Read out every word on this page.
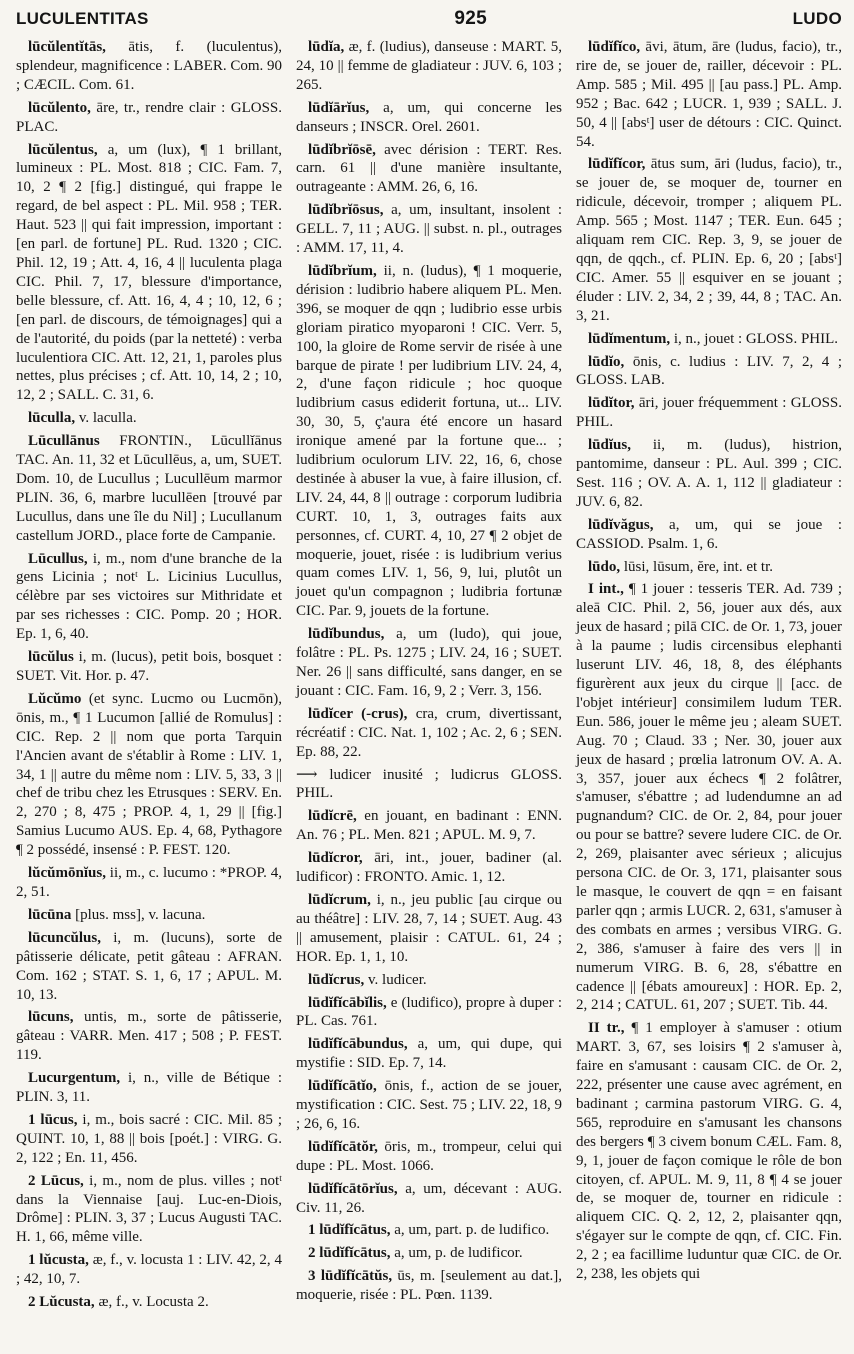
LUCULENTITAS	925	LUDO

lūcŭlentĭtās, ātis, f. (luculentus), splendeur, magnificence : LABER. Com. 90 ; CÆCIL. Com. 61.

lūcŭlento, āre, tr., rendre clair : GLOSS. PLAC.

lūcŭlentus, a, um (lux), ¶ 1 brillant, lumineux : PL. Most. 818 ; CIC. Fam. 7, 10, 2 ¶ 2 [fig.] distingué, qui frappe le regard, de bel aspect : PL. Mil. 958 ; TER. Haut. 523 || qui fait impression, important : [en parl. de fortune] PL. Rud. 1320 ; CIC. Phil. 12, 19 ; Att. 4, 16, 4 || luculenta plaga CIC. Phil. 7, 17, blessure d'importance, belle blessure, cf. Att. 16, 4, 4 ; 10, 12, 6 ; [en parl. de discours, de témoignages] qui a de l'autorité, du poids (par la netteté) : verba luculentiora CIC. Att. 12, 21, 1, paroles plus nettes, plus précises ; cf. Att. 10, 14, 2 ; 10, 12, 2 ; SALL. C. 31, 6.

lūculla, v. laculla.

Lūcullānus FRONTIN., Lūcullĭānus TAC. An. 11, 32 et Lūcullēus, a, um, SUET. Dom. 10, de Lucullus ; Lucullēum marmor PLIN. 36, 6, marbre lucullēen [trouvé par Lucullus, dans une île du Nil] ; Lucullanum castellum JORD., place forte de Campanie.

Lūcullus, i, m., nom d'une branche de la gens Licinia ; notᵗ L. Licinius Lucullus, célèbre par ses victoires sur Mithridate et par ses richesses : CIC. Pomp. 20 ; HOR. Ep. 1, 6, 40.

lūcŭlus i, m. (lucus), petit bois, bosquet : SUET. Vit. Hor. p. 47.

Lŭcŭmo (et sync. Lucmo ou Lucmōn), ōnis, m., ¶ 1 Lucumon [allié de Romulus] : CIC. Rep. 2 || nom que porta Tarquin l'Ancien avant de s'établir à Rome : LIV. 1, 34, 1 || autre du même nom : LIV. 5, 33, 3 || chef de tribu chez les Etrusques : SERV. En. 2, 270 ; 8, 475 ; PROP. 4, 1, 29 || [fig.] Samius Lucumo AUS. Ep. 4, 68, Pythagore ¶ 2 possédé, insensé : P. FEST. 120.

lŭcŭmōnĭus, ii, m., c. lucumo : *PROP. 4, 2, 51.

lūcūna [plus. mss], v. lacuna.

lūcuncŭlus, i, m. (lucuns), sorte de pâtisserie délicate, petit gâteau : AFRAN. Com. 162 ; STAT. S. 1, 6, 17 ; APUL. M. 10, 13.

lūcuns, untis, m., sorte de pâtisserie, gâteau : VARR. Men. 417 ; 508 ; P. FEST. 119.

Lucurgentum, i, n., ville de Bétique : PLIN. 3, 11.

1 lūcus, i, m., bois sacré : CIC. Mil. 85 ; QUINT. 10, 1, 88 || bois [poét.] : VIRG. G. 2, 122 ; En. 11, 456.

2 Lūcus, i, m., nom de plus. villes ; notᵗ dans la Viennaise [auj. Luc-en-Diois, Drôme] : PLIN. 3, 37 ; Lucus Augusti TAC. H. 1, 66, même ville.

1 lŭcusta, æ, f., v. locusta 1 : LIV. 42, 2, 4 ; 42, 10, 7.

2 Lŭcusta, æ, f., v. Locusta 2.

lūdĭa, æ, f. (ludius), danseuse : MART. 5, 24, 10 || femme de gladiateur : JUV. 6, 103 ; 265.

lūdĭārĭus, a, um, qui concerne les danseurs ; INSCR. Orel. 2601.

lūdĭbrĭōsē, avec dérision : TERT. Res. carn. 61 || d'une manière insultante, outrageante : AMM. 26, 6, 16.

lūdĭbrĭōsus, a, um, insultant, insolent : GELL. 7, 11 ; AUG. || subst. n. pl., outrages : AMM. 17, 11, 4.

lūdĭbrĭum, ii, n. (ludus), ¶ 1 moquerie, dérision : ludibrio habere aliquem PL. Men. 396, se moquer de qqn ; ludibrio esse urbis gloriam piratico myoparoni ! CIC. Verr. 5, 100, la gloire de Rome servir de risée à une barque de pirate ! per ludibrium LIV. 24, 4, 2, d'une façon ridicule ; hoc quoque ludibrium casus ediderit fortuna, ut... LIV. 30, 30, 5, ç'aura été encore un hasard ironique amené par la fortune que... ; ludibrium oculorum LIV. 22, 16, 6, chose destinée à abuser la vue, à faire illusion, cf. LIV. 24, 44, 8 || outrage : corporum ludibria CURT. 10, 1, 3, outrages faits aux personnes, cf. CURT. 4, 10, 27 ¶ 2 objet de moquerie, jouet, risée : is ludibrium verius quam comes LIV. 1, 56, 9, lui, plutôt un jouet qu'un compagnon ; ludibria fortunæ CIC. Par. 9, jouets de la fortune.

lūdĭbundus, a, um (ludo), qui joue, folâtre : PL. Ps. 1275 ; LIV. 24, 16 ; SUET. Ner. 26 || sans difficulté, sans danger, en se jouant : CIC. Fam. 16, 9, 2 ; Verr. 3, 156.

lūdĭcer (-crus), cra, crum, divertissant, récréatif : CIC. Nat. 1, 102 ; Ac. 2, 6 ; SEN. Ep. 88, 22.

⟶ ludicer inusité ; ludicrus GLOSS. PHIL.

lūdĭcrē, en jouant, en badinant : ENN. An. 76 ; PL. Men. 821 ; APUL. M. 9, 7.

lūdĭcror, āri, int., jouer, badiner (al. ludificor) : FRONTO. Amic. 1, 12.

lūdĭcrum, i, n., jeu public [au cirque ou au théâtre] : LIV. 28, 7, 14 ; SUET. Aug. 43 || amusement, plaisir : CATUL. 61, 24 ; HOR. Ep. 1, 1, 10.

lūdĭcrus, v. ludicer.

lūdĭfĭcābĭlis, e (ludifico), propre à duper : PL. Cas. 761.

lūdĭfĭcābundus, a, um, qui dupe, qui mystifie : SID. Ep. 7, 14.

lūdĭfĭcātĭo, ōnis, f., action de se jouer, mystification : CIC. Sest. 75 ; LIV. 22, 18, 9 ; 26, 6, 16.

lūdĭfĭcātŏr, ōris, m., trompeur, celui qui dupe : PL. Most. 1066.

lūdĭfĭcātōrĭus, a, um, décevant : AUG. Civ. 11, 26.

1 lūdĭfĭcātus, a, um, part. p. de ludifico.

2 lūdĭfĭcātus, a, um, p. de ludificor.

3 lūdĭfĭcātŭs, ūs, m. [seulement au dat.], moquerie, risée : PL. Pœn. 1139.

lūdĭfĭco, āvi, ātum, āre (ludus, facio), tr., rire de, se jouer de, railler, décevoir : PL. Amp. 585 ; Mil. 495 || [au pass.] PL. Amp. 952 ; Bac. 642 ; LUCR. 1, 939 ; SALL. J. 50, 4 || [absᵗ] user de détours : CIC. Quinct. 54.

lūdĭfĭcor, ātus sum, āri (ludus, facio), tr., se jouer de, se moquer de, tourner en ridicule, décevoir, tromper ; aliquem PL. Amp. 565 ; Most. 1147 ; TER. Eun. 645 ; aliquam rem CIC. Rep. 3, 9, se jouer de qqn, de qqch., cf. PLIN. Ep. 6, 20 ; [absᵗ] CIC. Amer. 55 || esquiver en se jouant ; éluder : LIV. 2, 34, 2 ; 39, 44, 8 ; TAC. An. 3, 21.

lūdĭmentum, i, n., jouet : GLOSS. PHIL.

lūdĭo, ōnis, c. ludius : LIV. 7, 2, 4 ; GLOSS. LAB.

lūdĭtor, āri, jouer fréquemment : GLOSS. PHIL.

lūdĭus, ii, m. (ludus), histrion, pantomime, danseur : PL. Aul. 399 ; CIC. Sest. 116 ; OV. A. A. 1, 112 || gladiateur : JUV. 6, 82.

lūdĭvăgus, a, um, qui se joue : CASSIOD. Psalm. 1, 6.

lūdo, lūsi, lūsum, ĕre, int. et tr.

I int., ¶ 1 jouer : tesseris TER. Ad. 739 ; aleā CIC. Phil. 2, 56, jouer aux dés, aux jeux de hasard ; pilā CIC. de Or. 1, 73, jouer à la paume ; ludis circensibus elephanti luserunt LIV. 46, 18, 8, des éléphants figurèrent aux jeux du cirque || [acc. de l'objet intérieur] consimilem ludum TER. Eun. 586, jouer le même jeu ; aleam SUET. Aug. 70 ; Claud. 33 ; Ner. 30, jouer aux jeux de hasard ; prœlia latronum OV. A. A. 3, 357, jouer aux échecs ¶ 2 folâtrer, s'amuser, s'ébattre ; ad ludendumne an ad pugnandum? CIC. de Or. 2, 84, pour jouer ou pour se battre? severe ludere CIC. de Or. 2, 269, plaisanter avec sérieux ; alicujus persona CIC. de Or. 3, 171, plaisanter sous le masque, le couvert de qqn = en faisant parler qqn ; armis LUCR. 2, 631, s'amuser à des combats en armes ; versibus VIRG. G. 2, 386, s'amuser à faire des vers || in numerum VIRG. B. 6, 28, s'ébattre en cadence || [ébats amoureux] : HOR. Ep. 2, 2, 214 ; CATUL. 61, 207 ; SUET. Tib. 44.

II tr., ¶ 1 employer à s'amuser : otium MART. 3, 67, ses loisirs ¶ 2 s'amuser à, faire en s'amusant : causam CIC. de Or. 2, 222, présenter une cause avec agrément, en badinant ; carmina pastorum VIRG. G. 4, 565, reproduire en s'amusant les chansons des bergers ¶ 3 civem bonum CÆL. Fam. 8, 9, 1, jouer de façon comique le rôle de bon citoyen, cf. APUL. M. 9, 11, 8 ¶ 4 se jouer de, se moquer de, tourner en ridicule : aliquem CIC. Q. 2, 12, 2, plaisanter qqn, s'égayer sur le compte de qqn, cf. CIC. Fin. 2, 2 ; ea facillime luduntur quæ CIC. de Or. 2, 238, les objets qui
